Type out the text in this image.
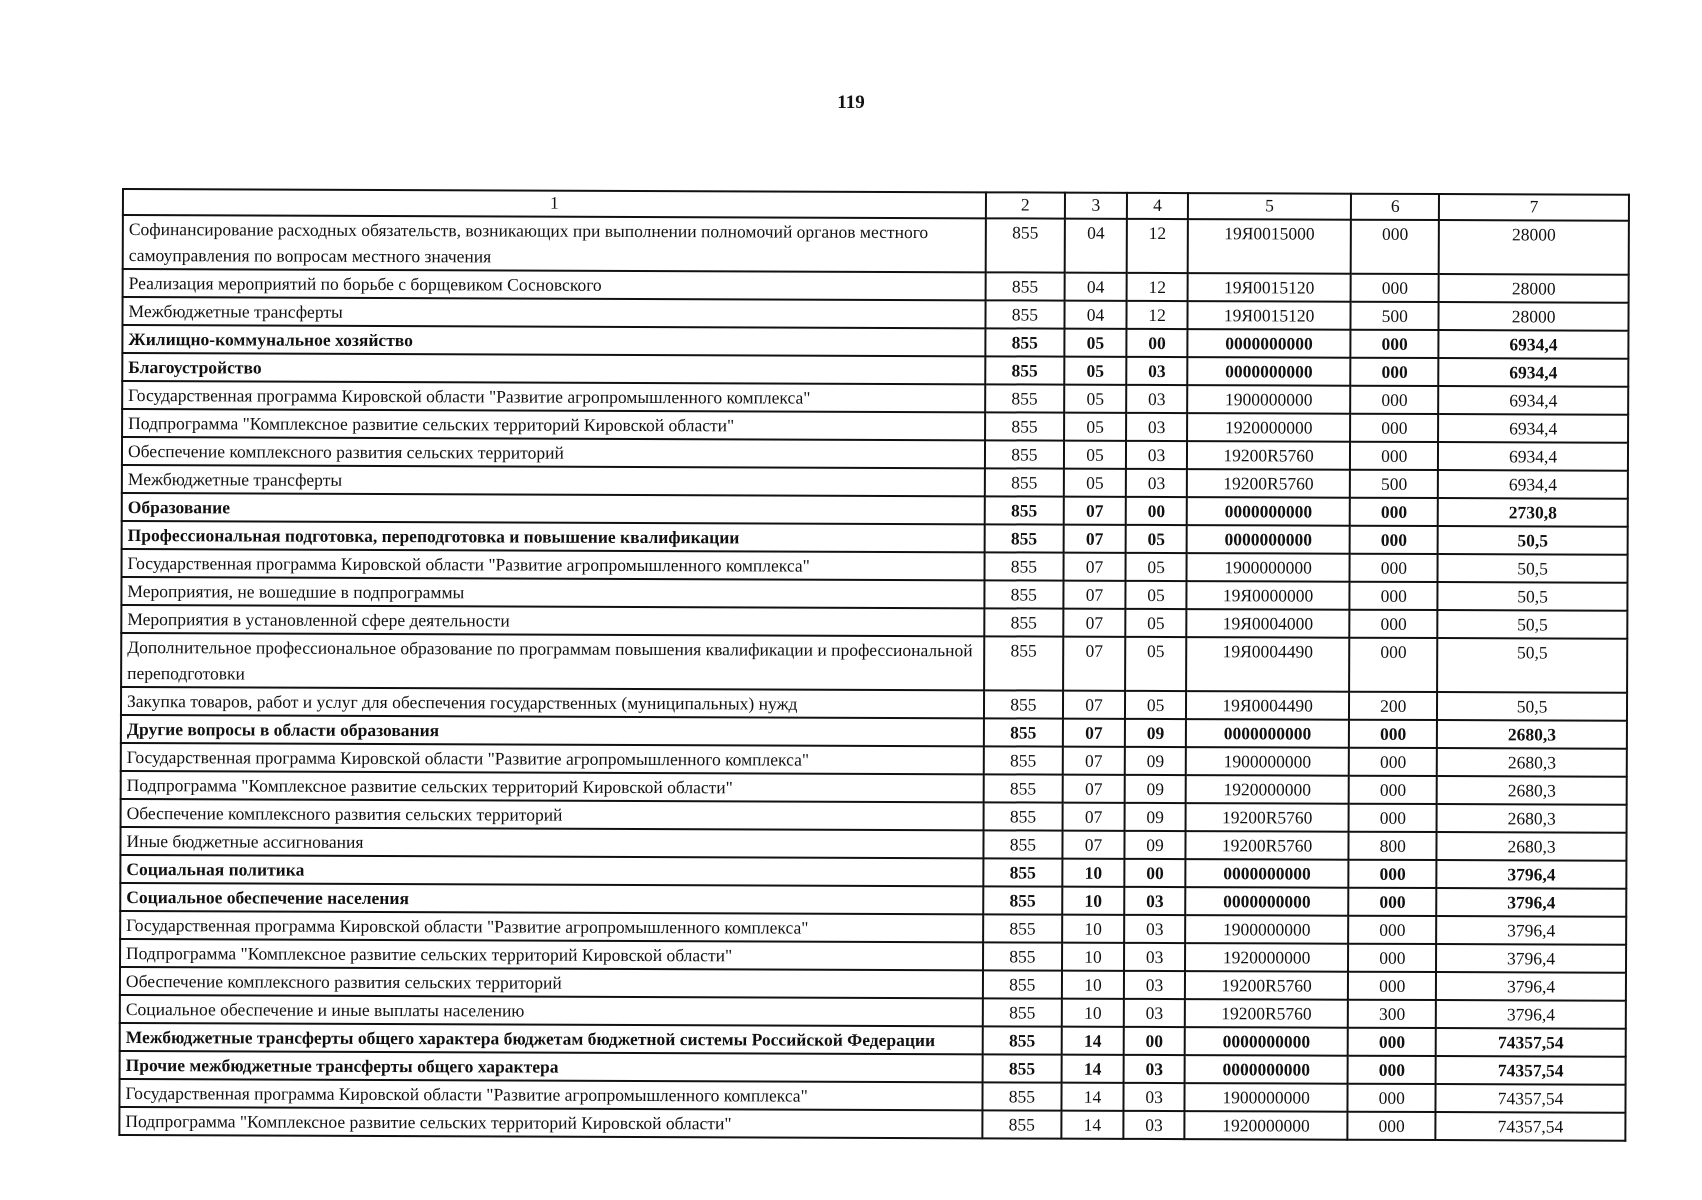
119
1	2	3	4	5	6	7
Софинансирование расходных обязательств, возникающих при выполнении полномочий органов местного самоуправления по вопросам местного значения	855	04	12	19Я0015000	000	28000
Реализация мероприятий по борьбе с борщевиком Сосновского	855	04	12	19Я0015120	000	28000
Межбюджетные трансферты	855	04	12	19Я0015120	500	28000
Жилищно-коммунальное хозяйство	855	05	00	0000000000	000	6934,4
Благоустройство	855	05	03	0000000000	000	6934,4
Государственная программа Кировской области "Развитие агропромышленного комплекса"	855	05	03	1900000000	000	6934,4
Подпрограмма "Комплексное развитие сельских территорий Кировской области"	855	05	03	1920000000	000	6934,4
Обеспечение комплексного развития сельских территорий	855	05	03	19200R5760	000	6934,4
Межбюджетные трансферты	855	05	03	19200R5760	500	6934,4
Образование	855	07	00	0000000000	000	2730,8
Профессиональная подготовка, переподготовка и повышение квалификации	855	07	05	0000000000	000	50,5
Государственная программа Кировской области "Развитие агропромышленного комплекса"	855	07	05	1900000000	000	50,5
Мероприятия, не вошедшие в подпрограммы	855	07	05	19Я0000000	000	50,5
Мероприятия в установленной сфере деятельности	855	07	05	19Я0004000	000	50,5
Дополнительное профессиональное образование по программам повышения квалификации и профессиональной переподготовки	855	07	05	19Я0004490	000	50,5
Закупка товаров, работ и услуг для обеспечения государственных (муниципальных) нужд	855	07	05	19Я0004490	200	50,5
Другие вопросы в области образования	855	07	09	0000000000	000	2680,3
Государственная программа Кировской области "Развитие агропромышленного комплекса"	855	07	09	1900000000	000	2680,3
Подпрограмма "Комплексное развитие сельских территорий Кировской области"	855	07	09	1920000000	000	2680,3
Обеспечение комплексного развития сельских территорий	855	07	09	19200R5760	000	2680,3
Иные бюджетные ассигнования	855	07	09	19200R5760	800	2680,3
Социальная политика	855	10	00	0000000000	000	3796,4
Социальное обеспечение населения	855	10	03	0000000000	000	3796,4
Государственная программа Кировской области "Развитие агропромышленного комплекса"	855	10	03	1900000000	000	3796,4
Подпрограмма "Комплексное развитие сельских территорий Кировской области"	855	10	03	1920000000	000	3796,4
Обеспечение комплексного развития сельских территорий	855	10	03	19200R5760	000	3796,4
Социальное обеспечение и иные выплаты населению	855	10	03	19200R5760	300	3796,4
Межбюджетные трансферты общего характера бюджетам бюджетной системы Российской Федерации	855	14	00	0000000000	000	74357,54
Прочие межбюджетные трансферты общего характера	855	14	03	0000000000	000	74357,54
Государственная программа Кировской области "Развитие агропромышленного комплекса"	855	14	03	1900000000	000	74357,54
Подпрограмма "Комплексное развитие сельских территорий Кировской области"	855	14	03	1920000000	000	74357,54
